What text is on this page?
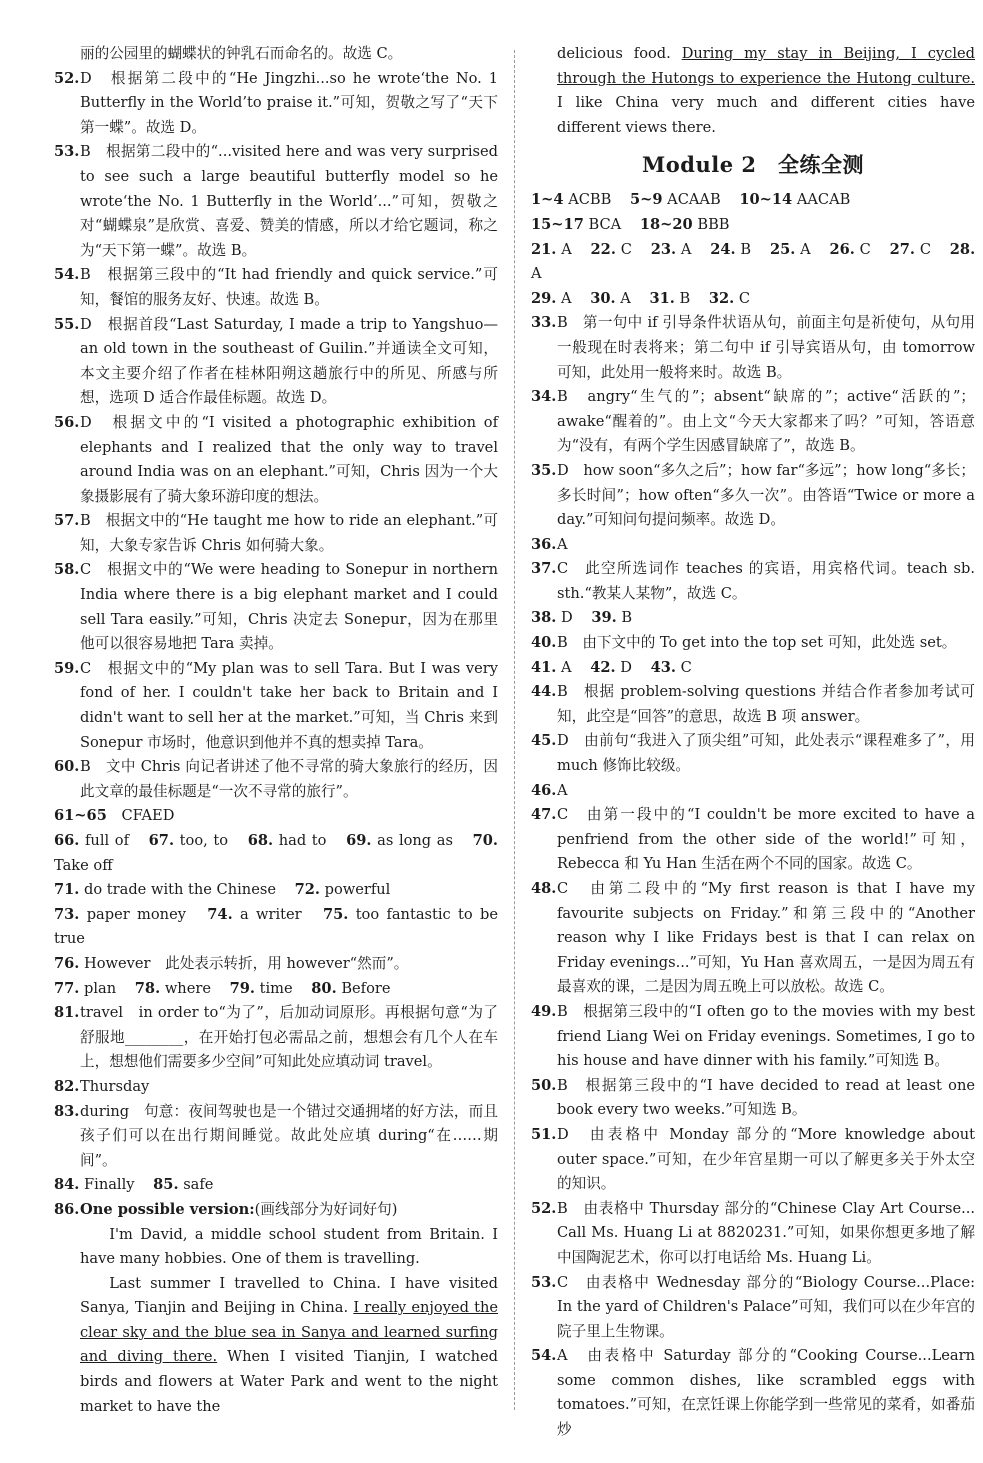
丽的公园里的蝴蝶状的钟乳石而命名的。故选 C。

52. D　根据第二段中的“He Jingzhi...so he wrote‘the No. 1 Butterfly in the World’to praise it.”可知，贺敬之写了“天下第一蝶”。故选 D。
53. B　根据第二段中的“...visited here and was very surprised to see such a large beautiful butterfly model so he wrote‘the No. 1 Butterfly in the World’...”可知，贺敬之对“蝴蝶泉”是欣赏、喜爱、赞美的情感，所以才给它题词，称之为“天下第一蝶”。故选 B。
54. B　根据第三段中的“It had friendly and quick service.”可知，餐馆的服务友好、快速。故选 B。
55. D　根据首段“Last Saturday, I made a trip to Yangshuo—an old town in the southeast of Guilin.”并通读全文可知，本文主要介绍了作者在桂林阳朔这趟旅行中的所见、所感与所想，选项 D 适合作最佳标题。故选 D。
56. D　根据文中的“I visited a photographic exhibition of elephants and I realized that the only way to travel around India was on an elephant.”可知，Chris 因为一个大象摄影展有了骑大象环游印度的想法。
57. B　根据文中的“He taught me how to ride an elephant.”可知，大象专家告诉 Chris 如何骑大象。
58. C　根据文中的“We were heading to Sonepur in northern India where there is a big elephant market and I could sell Tara easily.”可知，Chris 决定去 Sonepur，因为在那里他可以很容易地把 Tara 卖掉。
59. C　根据文中的“My plan was to sell Tara. But I was very fond of her. I couldn't take her back to Britain and I didn't want to sell her at the market.”可知，当 Chris 来到 Sonepur 市场时，他意识到他并不真的想卖掉 Tara。
60. B　文中 Chris 向记者讲述了他不寻常的骑大象旅行的经历，因此文章的最佳标题是“一次不寻常的旅行”。
61~65 CFAED
66. full of 67. too, to 68. had to 69. as long as 70. Take off
71. do trade with the Chinese 72. powerful
73. paper money 74. a writer 75. too fantastic to be true
76. However　此处表示转折，用 however“然而”。
77. plan 78. where 79. time 80. Before
81. travel　in order to“为了”，后加动词原形。再根据句意“为了舒服地________，在开始打包必需品之前，想想会有几个人在车上，想想他们需要多少空间”可知此处应填动词 travel。
82. Thursday
83. during　句意：夜间驾驶也是一个错过交通拥堵的好方法，而且孩子们可以在出行期间睡觉。故此处应填 during“在……期间”。
84. Finally 85. safe
86. One possible version:(画线部分为好词好句)

I'm David, a middle school student from Britain. I have many hobbies. One of them is travelling.

Last summer I travelled to China. I have visited Sanya, Tianjin and Beijing in China. I really enjoyed the clear sky and the blue sea in Sanya and learned surfing and diving there. When I visited Tianjin, I watched birds and flowers at Water Park and went to the night market to have the

delicious food. During my stay in Beijing, I cycled through the Hutongs to experience the Hutong culture. I like China very much and different cities have different views there.

Module 2　全练全测
1~4 ACBB 5~9 ACAAB 10~14 AACAB
15~17 BCA 18~20 BBB
21. A 22. C 23. A 24. B 25. A 26. C 27. C 28. A
29. A 30. A 31. B 32. C
33. B　第一句中 if 引导条件状语从句，前面主句是祈使句，从句用一般现在时表将来；第二句中 if 引导宾语从句，由 tomorrow 可知，此处用一般将来时。故选 B。
34. B　angry“生气的”；absent“缺席的”；active“活跃的”；awake“醒着的”。由上文“今天大家都来了吗？”可知，答语意为“没有，有两个学生因感冒缺席了”，故选 B。
35. D　how soon“多久之后”；how far“多远”；how long“多长；多长时间”；how often“多久一次”。由答语“Twice or more a day.”可知问句提问频率。故选 D。
36. A
37. C　此空所选词作 teaches 的宾语，用宾格代词。teach sb. sth.“教某人某物”，故选 C。
38. D 39. B
40. B　由下文中的 To get into the top set 可知，此处选 set。
41. A 42. D 43. C
44. B　根据 problem-solving questions 并结合作者参加考试可知，此空是“回答”的意思，故选 B 项 answer。
45. D　由前句“我进入了顶尖组”可知，此处表示“课程难多了”，用 much 修饰比较级。
46. A
47. C　由第一段中的“I couldn't be more excited to have a penfriend from the other side of the world!”可知，Rebecca 和 Yu Han 生活在两个不同的国家。故选 C。
48. C　由第二段中的“My first reason is that I have my favourite subjects on Friday.”和第三段中的“Another reason why I like Fridays best is that I can relax on Friday evenings...”可知，Yu Han 喜欢周五，一是因为周五有最喜欢的课，二是因为周五晚上可以放松。故选 C。
49. B　根据第三段中的“I often go to the movies with my best friend Liang Wei on Friday evenings. Sometimes, I go to his house and have dinner with his family.”可知选 B。
50. B　根据第三段中的“I have decided to read at least one book every two weeks.”可知选 B。
51. D　由表格中 Monday 部分的“More knowledge about outer space.”可知，在少年宫星期一可以了解更多关于外太空的知识。
52. B　由表格中 Thursday 部分的“Chinese Clay Art Course... Call Ms. Huang Li at 8820231.”可知，如果你想更多地了解中国陶泥艺术，你可以打电话给 Ms. Huang Li。
53. C　由表格中 Wednesday 部分的“Biology Course...Place: In the yard of Children's Palace”可知，我们可以在少年宫的院子里上生物课。
54. A　由表格中 Saturday 部分的“Cooking Course...Learn some common dishes, like scrambled eggs with tomatoes.”可知，在烹饪课上你能学到一些常见的菜肴，如番茄炒
